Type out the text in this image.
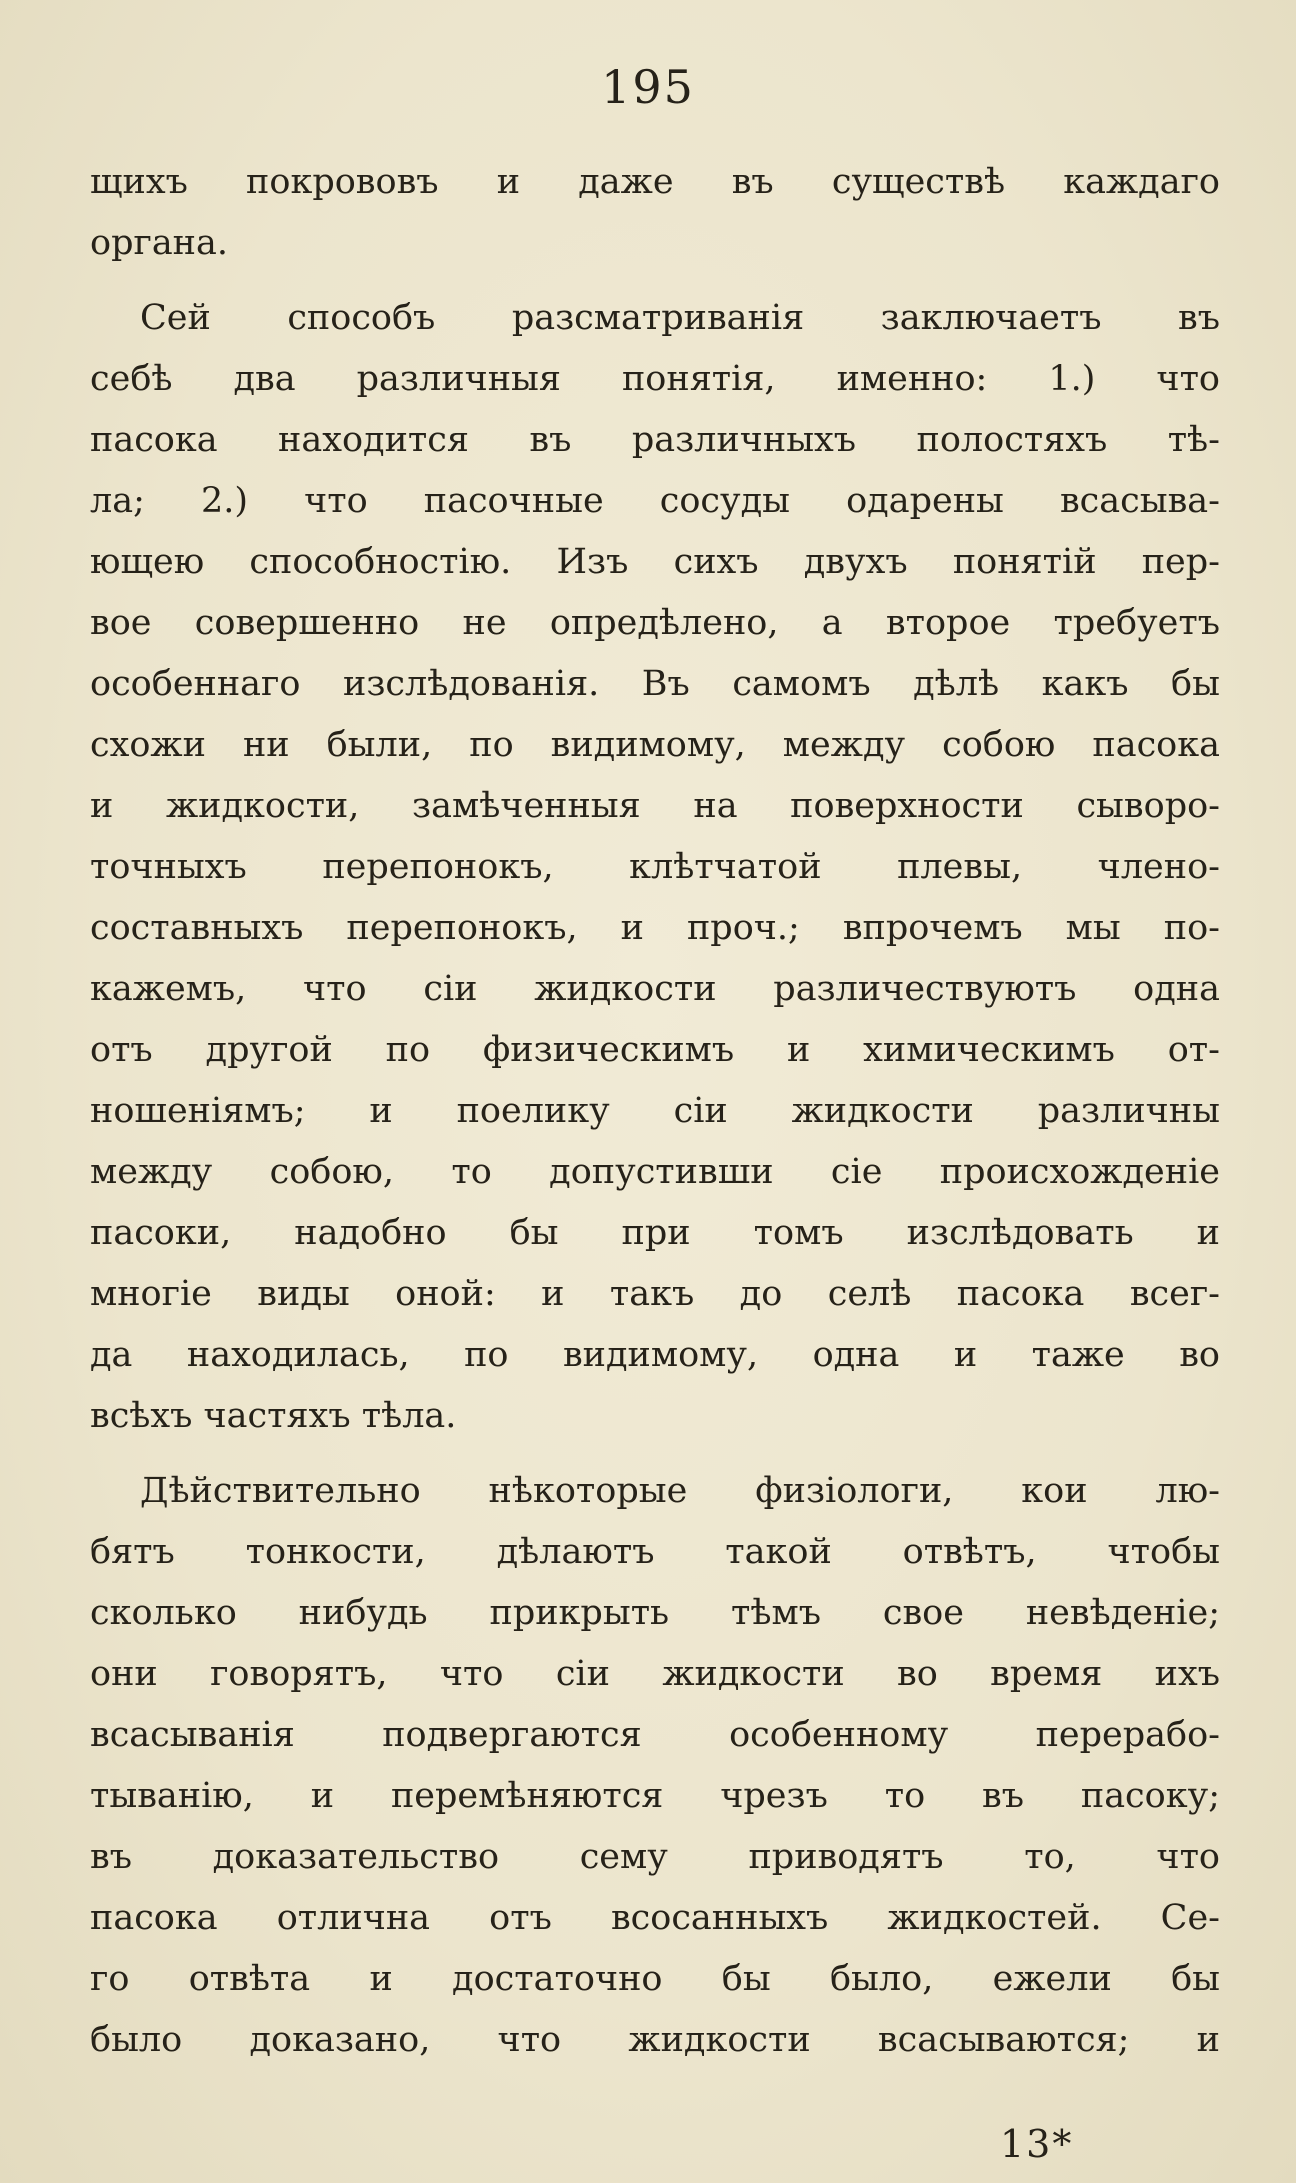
195
щихъ покрововъ и даже въ существѣ каждаго
органа.
Сей способъ разсматриванія заключаетъ въ
себѣ два различныя понятія, именно: 1.) что
пасока находится въ различныхъ полостяхъ тѣ-
ла; 2.) что пасочные сосуды одарены всасыва-
ющею способностію. Изъ сихъ двухъ понятій пер-
вое совершенно не опредѣлено, а второе требуетъ
особеннаго изслѣдованія. Въ самомъ дѣлѣ какъ бы
схожи ни были, по видимому, между собою пасока
и жидкости, замѣченныя на поверхности сыворо-
точныхъ перепонокъ, клѣтчатой плевы, члено-
составныхъ перепонокъ, и проч.; впрочемъ мы по-
кажемъ, что сіи жидкости различествуютъ одна
отъ другой по физическимъ и химическимъ от-
ношеніямъ; и поелику сіи жидкости различны
между собою, то допустивши сіе происхожденіе
пасоки, надобно бы при томъ изслѣдовать и
многіе виды оной: и такъ до селѣ пасока всег-
да находилась, по видимому, одна и таже во
всѣхъ частяхъ тѣла.
Дѣйствительно нѣкоторые физіологи, кои лю-
бятъ тонкости, дѣлаютъ такой отвѣтъ, чтобы
сколько нибудь прикрыть тѣмъ свое невѣденіе;
они говорятъ, что сіи жидкости во время ихъ
всасыванія подвергаются особенному перерабо-
тыванію, и перемѣняются чрезъ то въ пасоку;
въ доказательство сему приводятъ то, что
пасока отлична отъ всосанныхъ жидкостей. Се-
го отвѣта и достаточно бы было, ежели бы
было доказано, что жидкости всасываются; и
13*
